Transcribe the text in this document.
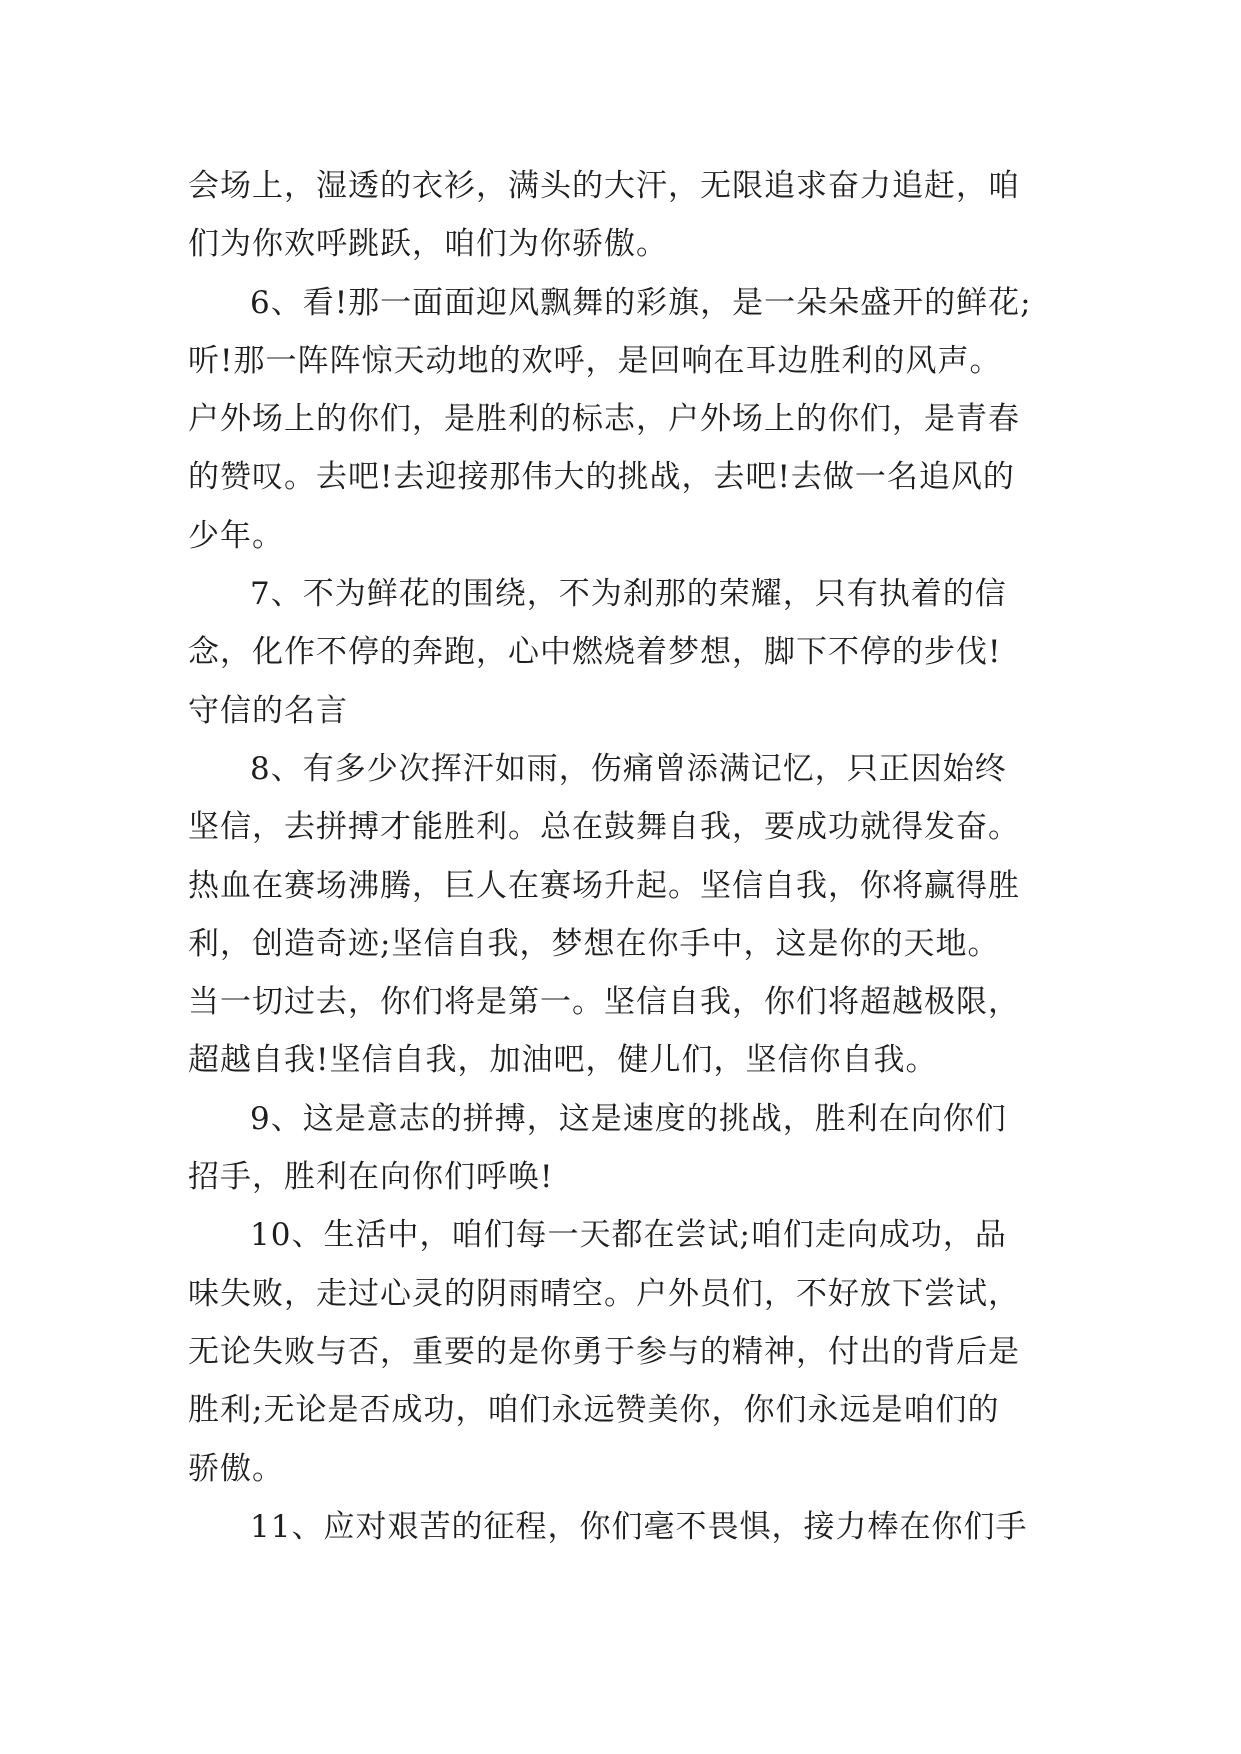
会场上，湿透的衣衫，满头的大汗，无限追求奋力追赶，咱
们为你欢呼跳跃，咱们为你骄傲。
6、看!那一面面迎风飘舞的彩旗，是一朵朵盛开的鲜花;
听!那一阵阵惊天动地的欢呼，是回响在耳边胜利的风声。
户外场上的你们，是胜利的标志，户外场上的你们，是青春
的赞叹。去吧!去迎接那伟大的挑战，去吧!去做一名追风的
少年。
7、不为鲜花的围绕，不为刹那的荣耀，只有执着的信
念，化作不停的奔跑，心中燃烧着梦想，脚下不停的步伐!
守信的名言
8、有多少次挥汗如雨，伤痛曾添满记忆，只正因始终
坚信，去拼搏才能胜利。总在鼓舞自我，要成功就得发奋。
热血在赛场沸腾，巨人在赛场升起。坚信自我，你将赢得胜
利，创造奇迹;坚信自我，梦想在你手中，这是你的天地。
当一切过去，你们将是第一。坚信自我，你们将超越极限，
超越自我!坚信自我，加油吧，健儿们，坚信你自我。
9、这是意志的拼搏，这是速度的挑战，胜利在向你们
招手，胜利在向你们呼唤!
10、生活中，咱们每一天都在尝试;咱们走向成功，品
味失败，走过心灵的阴雨晴空。户外员们，不好放下尝试，
无论失败与否，重要的是你勇于参与的精神，付出的背后是
胜利;无论是否成功，咱们永远赞美你，你们永远是咱们的
骄傲。
11、应对艰苦的征程，你们毫不畏惧，接力棒在你们手
